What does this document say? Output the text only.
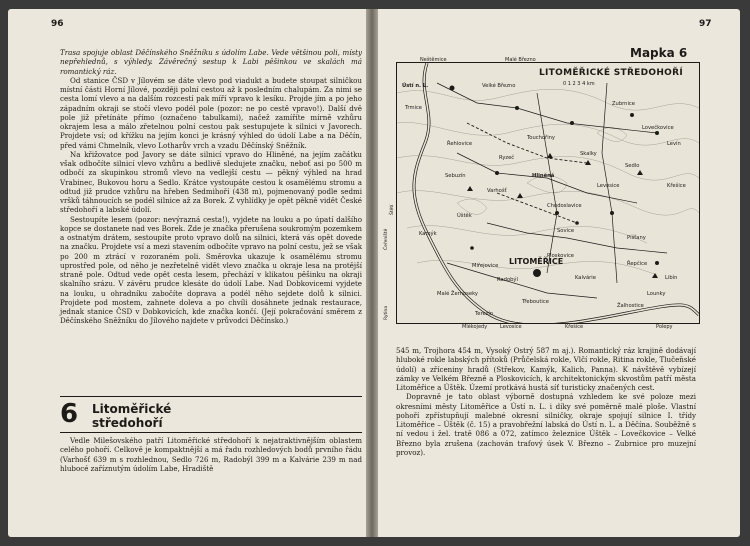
96	97

Trasa spojuje oblast Děčínského Sněžníku s údolím Labe. Vede většinou poli, místy nepřehlednů, s výhledy. Závěrečný sestup k Labi pěšinkou ve skalách má romantický ráz.

Od stanice ČSD v Jílovém se dáte vlevo pod viadukt a budete stoupat silničkou místní části Horní Jílové, později polní cestou až k posledním chalupám. Za nimi se cesta lomí vlevo a na dalším rozcestí pak míří vpravo k lesíku. Projde jím a po jeho západním okraji se stočí vlevo podél pole (pozor: ne po cestě vpravo!). Další dvě pole již přetínáte přímo (označeno tabulkami), načež zamíříte mírně vzhůru okrajem lesa a málo zřetelnou polní cestou pak sestupujete k silnici v Javorech. Projdete vsí; od křížku na jejím konci je krásný výhled do údolí Labe a na Děčín, před vámi Chmelník, vlevo Lotharův vrch a vzadu Děčínský Sněžník.

Na křižovatce pod Javory se dáte silnicí vpravo do Hliněné, na jejím začátku však odbočíte silnicí vlevo vzhůru a bedlivě sledujete značku, neboť asi po 500 m odbočí za skupinkou stromů vlevo na vedlejší cestu — pěkný výhled na hrad Vrabinec, Bukovou horu a Sedlo. Krátce vystoupáte cestou k osamělému stromu a odtud již prudce vzhůru na hřeben Sedmihoří (438 m), pojmenovaný podle sedmi vršků táhnoucích se podél silnice až za Borek. Z vyhlídky je opět pěkně vidět České středohoří a labské údolí.

Sestoupíte lesem (pozor: nevýrazná cesta!), vyjdete na louku a po úpatí dalšího kopce se dostanete nad ves Borek. Zde je značka přerušena soukromým pozemkem a ostnatým drátem, sestoupíte proto vpravo dolů na silnici, která vás opět dovede na značku. Projdete vsí a mezi stavením odbočíte vpravo na polní cestu, jež se však po 200 m ztrácí v rozoraném poli. Směrovka ukazuje k osamělému stromu uprostřed pole, od něho je nezřetelně vidět vlevo značka u okraje lesa na protější straně pole. Odtud vede opět cesta lesem, přechází v klikatou pěšinku na okraji skalního srázu. V závěru prudce klesáte do údolí Labe. Nad Dobkovicemi vyjdete na louku, u ohradníku zabočíte doprava a podél něho sejdete dolů k silnici. Projdete pod mostem, zahnete doleva a po chvíli dosáhnete jednak restaurace, jednak stanice ČSD v Dobkovicích, kde značka končí. (Její pokračování směrem z Děčínského Sněžníku do Jílového najdete v průvodci Děčínsko.)

6 Litoměřické středohoří

Vedle Milešovského patří Litoměřické středohoří k nejatraktivnějším oblastem celého pohoří. Celkově je kompaktnější a má řadu rozhledových bodů prvního řádu (Varhošť 639 m s rozhlednou, Sedlo 726 m, Radobýl 399 m a Kalvárie 239 m nad hlubocé zaříznutým údolím Labe, Hradiště

Mapka 6
Ústí n. L.	Velké Březno
Zubrnice
Lovečkovice
Levín
Trmice
Touchořiny
Řehlovice
Skalky
Sedlo
Ryzeč
Hliněná
Varhošť
Chudoslavice
Sebuzín
Kamýk	Sovice
Píšťany
Ploskovice
Řepčice
Žalhostice
Třeboutice
Miřejovice
Malé Žernoseky	Lounky
Terezín
Kalvárie
Radobýl	Libín
Křešice
Levosice
Úštěk
LITOMĚŘICE
LITOMĚŘICKÉ STŘEDOHOŘÍ
0 1 2 3 4 km
Neštěmice	Malé Březno
Mlékojedy	Polepy
Křešice
Levosice
Čeřeniště
Rytina
Štětí

545 m, Trojhora 454 m, Vysoký Ostrý 587 m aj.). Romantický ráz krajině dodávají hluboké rokle labských přítoků (Průčelská rokle, Vlčí rokle, Ritina rokle, Tlučeňské údolí) a zříceniny hradů (Střekov, Kamýk, Kalich, Panna). K návštěvě vybízejí zámky ve Velkém Březně a Ploskovicích, k architektonickým skvostům patří města Litoměřice a Úštěk. Území protkává hustá síť turisticky značených cest.

Dopravně je tato oblast výborně dostupná vzhledem ke své poloze mezi okresními městy Litoměřice a Ústí n. L. i díky své poměrně malé ploše. Vlastní pohoří zpřístupňují malebné okresní silničky, okraje spojují silnice I. třídy Litoměřice – Úštěk (č. 15) a pravobřežní labská do Ústí n. L. a Děčína. Souběžně s ní vedou i žel. tratě 086 a 072, zatímco železnice Úštěk – Lovečkovice – Velké Březno byla zrušena (zachován trafový úsek V. Březno – Zubrnice pro muzejní provoz).
